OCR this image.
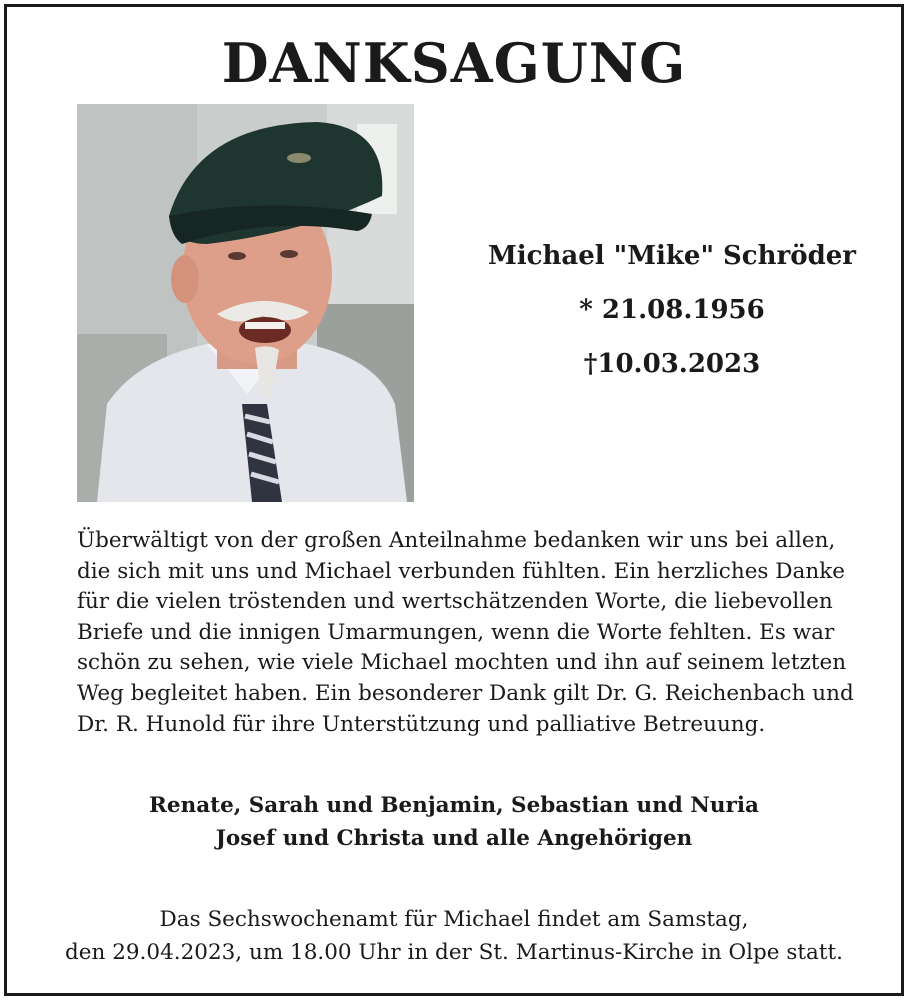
DANKSAGUNG
Michael "Mike" Schröder
* 21.08.1956
†10.03.2023
Überwältigt von der großen Anteilnahme bedanken wir uns bei allen,
die sich mit uns und Michael verbunden fühlten. Ein herzliches Danke
für die vielen tröstenden und wertschätzenden Worte, die liebevollen
Briefe und die innigen Umarmungen, wenn die Worte fehlten. Es war
schön zu sehen, wie viele Michael mochten und ihn auf seinem letzten
Weg begleitet haben. Ein besonderer Dank gilt Dr. G. Reichenbach und
Dr. R. Hunold für ihre Unterstützung und palliative Betreuung.
Renate, Sarah und Benjamin, Sebastian und Nuria
Josef und Christa und alle Angehörigen
Das Sechswochenamt für Michael findet am Samstag,
den 29.04.2023, um 18.00 Uhr in der St. Martinus-Kirche in Olpe statt.
